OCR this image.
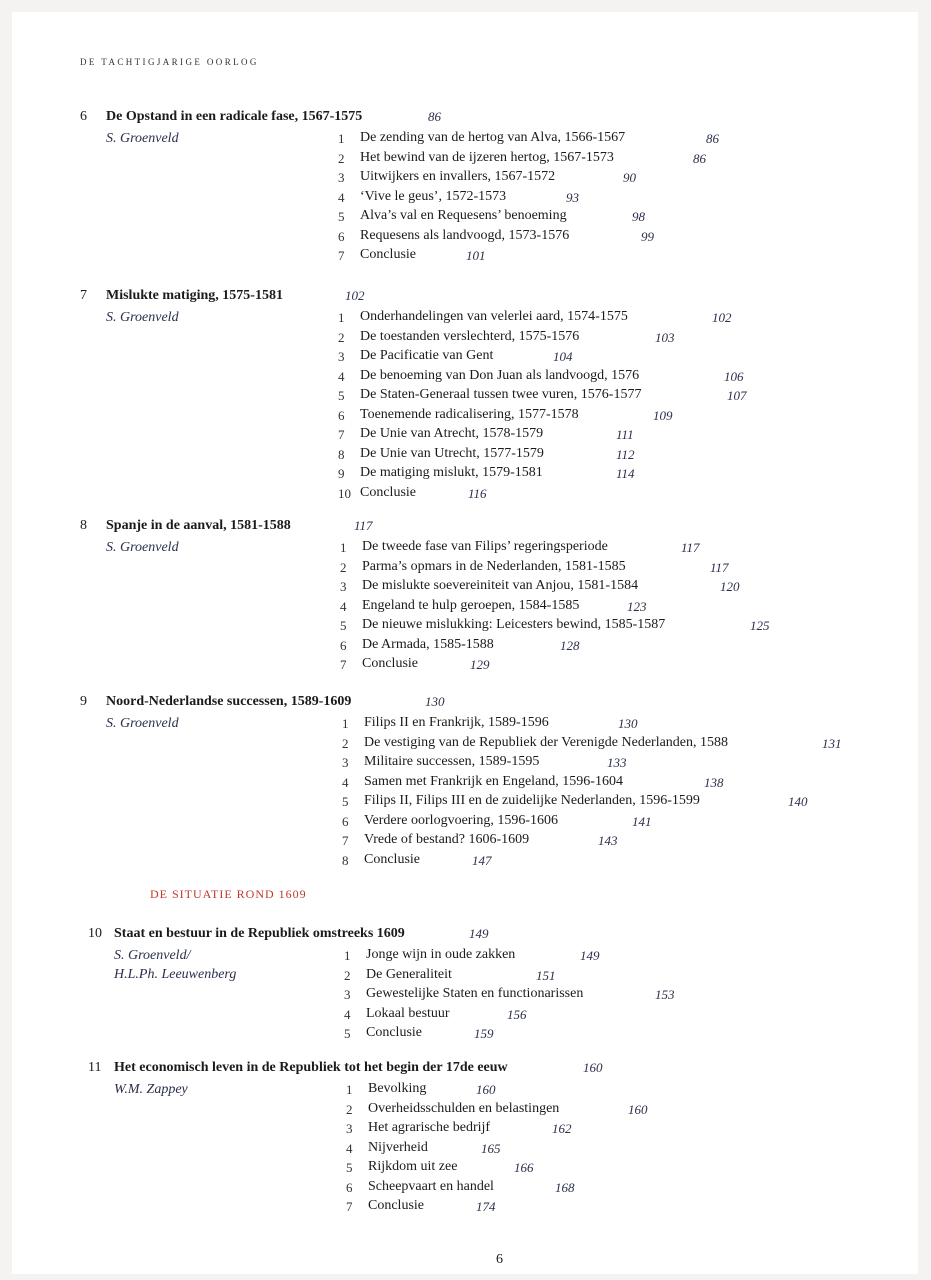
DE TACHTIGJARIGE OORLOG
6 De Opstand in een radicale fase, 1567-1575	86
S. Groenveld	1	De zending van de hertog van Alva, 1566-1567	86
2	Het bewind van de ijzeren hertog, 1567-1573	86
3	Uitwijkers en invallers, 1567-1572	90
4	‘Vive le geus’, 1572-1573	93
5	Alva’s val en Requesens’ benoeming	98
6	Requesens als landvoogd, 1573-1576	99
7	Conclusie	101
7 Mislukte matiging, 1575-1581	102
S. Groenveld	1	Onderhandelingen van velerlei aard, 1574-1575	102
2	De toestanden verslechterd, 1575-1576	103
3	De Pacificatie van Gent	104
4	De benoeming van Don Juan als landvoogd, 1576	106
5	De Staten-Generaal tussen twee vuren, 1576-1577	107
6	Toenemende radicalisering, 1577-1578	109
7	De Unie van Atrecht, 1578-1579	111
8	De Unie van Utrecht, 1577-1579	112
9	De matiging mislukt, 1579-1581	114
10 Conclusie	116
8 Spanje in de aanval, 1581-1588	117
S. Groenveld	1	De tweede fase van Filips’ regeringsperiode	117
2	Parma’s opmars in de Nederlanden, 1581-1585	117
3	De mislukte soevereiniteit van Anjou, 1581-1584	120
4	Engeland te hulp geroepen, 1584-1585	123
5	De nieuwe mislukking: Leicesters bewind, 1585-1587	125
6	De Armada, 1585-1588	128
7	Conclusie	129
9 Noord-Nederlandse successen, 1589-1609	130
S. Groenveld	1	Filips II en Frankrijk, 1589-1596	130
2	De vestiging van de Republiek der Verenigde Nederlanden, 1588	131
3	Militaire successen, 1589-1595	133
4	Samen met Frankrijk en Engeland, 1596-1604	138
5	Filips II, Filips III en de zuidelijke Nederlanden, 1596-1599	140
6	Verdere oorlogvoering, 1596-1606	141
7	Vrede of bestand? 1606-1609	143
8	Conclusie	147
10 Staat en bestuur in de Republiek omstreeks 1609	149
S. Groenveld/
H.L.Ph. Leeuwenberg
1	Jonge wijn in oude zakken	149
2	De Generaliteit	151
3	Gewestelijke Staten en functionarissen	153
4	Lokaal bestuur	156
5	Conclusie	159
11 Het economisch leven in de Republiek tot het begin der 17de eeuw	160
W.M. Zappey	1	Bevolking	160
2	Overheidsschulden en belastingen	160
3	Het agrarische bedrijf	162
4	Nijverheid	165
5	Rijkdom uit zee	166
6	Scheepvaart en handel	168
7	Conclusie	174
DE SITUATIE ROND 1609
6
